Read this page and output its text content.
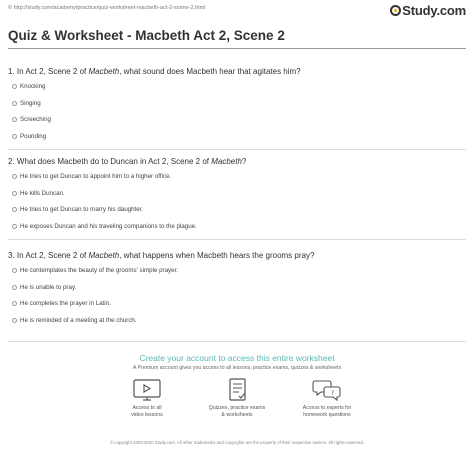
© http://study.com/academy/practice/quiz-worksheet-macbeth-act-2-scene-2.html	Study.com
Quiz & Worksheet - Macbeth Act 2, Scene 2
1. In Act 2, Scene 2 of Macbeth, what sound does Macbeth hear that agitates him?
Knocking
Singing
Screeching
Pounding
2. What does Macbeth do to Duncan in Act 2, Scene 2 of Macbeth?
He tries to get Duncan to appoint him to a higher office.
He kills Duncan.
He tries to get Duncan to marry his daughter.
He exposes Duncan and his traveling companions to the plague.
3. In Act 2, Scene 2 of Macbeth, what happens when Macbeth hears the grooms pray?
He contemplates the beauty of the grooms' simple prayer.
He is unable to pray.
He completes the prayer in Latin.
He is reminded of a meeting at the church.
Create your account to access this entire worksheet
A Premium account gives you access to all lessons, practice exams, quizzes & worksheets
Access to all
video lessons
Quizzes, practice exams
& worksheets
?
Access to experts for
homework questions
© copyright 2003-2020 Study.com. All other trademarks and copyrights are the property of their respective owners. All rights reserved.
